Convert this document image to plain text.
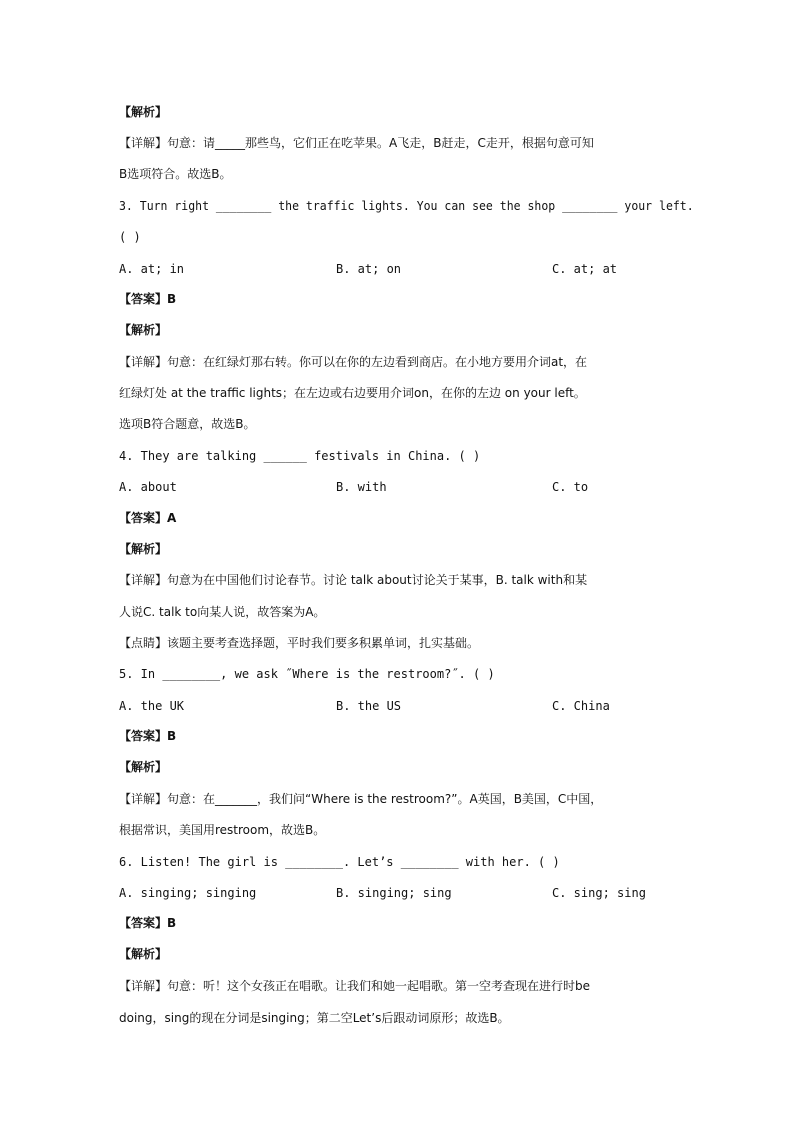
【解析】
【详解】句意：请_____那些鸟，它们正在吃苹果。A飞走，B赶走，C走开，根据句意可知
B选项符合。故选B。
3. Turn right ________ the traffic lights. You can see the shop ________ your left.
( )
A. at; in	B. at; on	C. at; at
【答案】B
【解析】
【详解】句意：在红绿灯那右转。你可以在你的左边看到商店。在小地方要用介词at，在
红绿灯处 at the traffic lights；在左边或右边要用介词on，在你的左边 on your left。
选项B符合题意，故选B。
4. They are talking ______ festivals in China. ( )
A. about	B. with	C. to
【答案】A
【解析】
【详解】句意为在中国他们讨论春节。讨论 talk about讨论关于某事，B. talk with和某
人说C. talk to向某人说，故答案为A。
【点睛】该题主要考查选择题，平时我们要多积累单词，扎实基础。
5. In ________, we ask ˝Where is the restroom?˝. ( )
A. the UK	B. the US	C. China
【答案】B
【解析】
【详解】句意：在_______，我们问“Where is the restroom?”。A英国，B美国，C中国，
根据常识，美国用restroom，故选B。
6. Listen! The girl is ________. Let’s ________ with her. ( )
A. singing; singing	B. singing; sing	C. sing; sing
【答案】B
【解析】
【详解】句意：听！这个女孩正在唱歌。让我们和她一起唱歌。第一空考查现在进行时be
doing，sing的现在分词是singing；第二空Let’s后跟动词原形；故选B。
